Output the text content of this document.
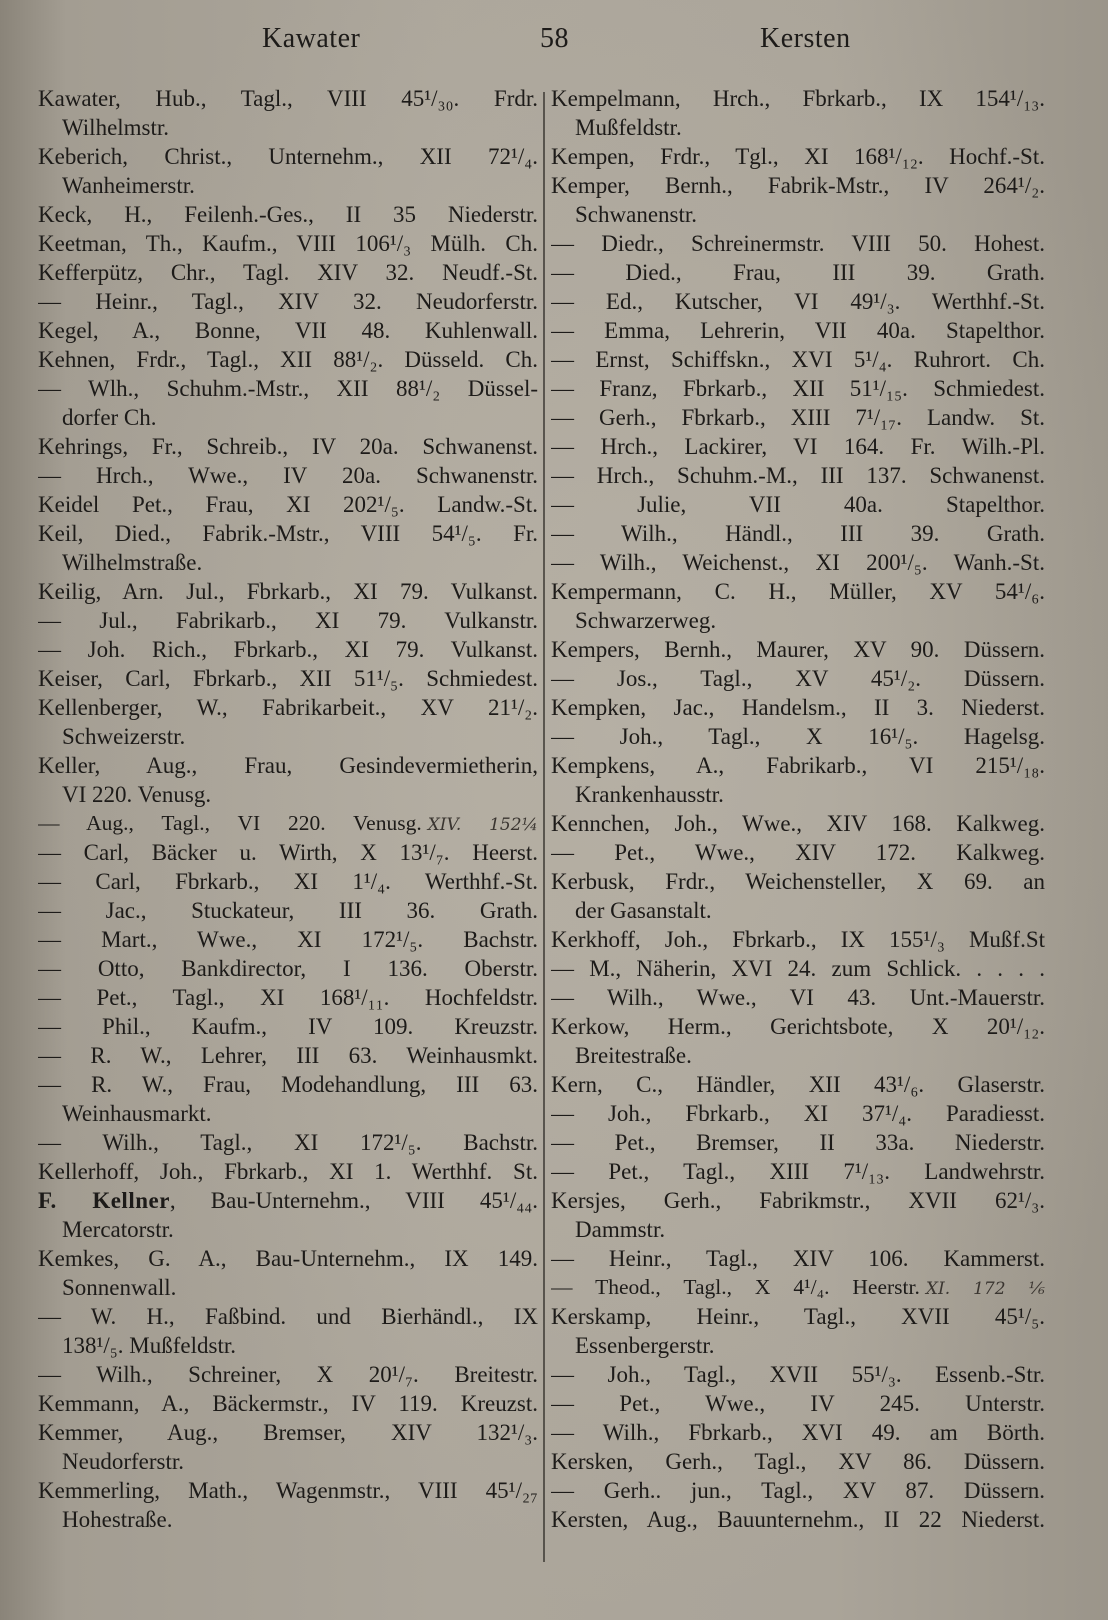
Kawater	58	Kersten
Kawater, Hub., Tagl., VIII 45¹/₃₀. Frdr.
Wilhelmstr.
Keberich, Christ., Unternehm., XII 72¹/₄.
Wanheimerstr.
Keck, H., Feilenh.-Ges., II 35 Niederstr.
Keetman, Th., Kaufm., VIII 106¹/₃ Mülh. Ch.
Kefferpütz, Chr., Tagl. XIV 32. Neudf.-St.
— Heinr., Tagl., XIV 32. Neudorferstr.
Kegel, A., Bonne, VII 48. Kuhlenwall.
Kehnen, Frdr., Tagl., XII 88¹/₂. Düsseld. Ch.
— Wlh., Schuhm.-Mstr., XII 88¹/₂ Düssel-
dorfer Ch.
Kehrings, Fr., Schreib., IV 20a. Schwanenst.
— Hrch., Wwe., IV 20a. Schwanenstr.
Keidel Pet., Frau, XI 202¹/₅. Landw.-St.
Keil, Died., Fabrik.-Mstr., VIII 54¹/₅. Fr.
Wilhelmstraße.
Keilig, Arn. Jul., Fbrkarb., XI 79. Vulkanst.
— Jul., Fabrikarb., XI 79. Vulkanstr.
— Joh. Rich., Fbrkarb., XI 79. Vulkanst.
Keiser, Carl, Fbrkarb., XII 51¹/₅. Schmiedest.
Kellenberger, W., Fabrikarbeit., XV 21¹/₂.
Schweizerstr.
Keller, Aug., Frau, Gesindevermietherin,
VI 220. Venusg.
— Aug., Tagl., VI 220. Venusg. XIV. 152¼
— Carl, Bäcker u. Wirth, X 13¹/₇. Heerst.
— Carl, Fbrkarb., XI 1¹/₄. Werthhf.-St.
— Jac., Stuckateur, III 36. Grath.
— Mart., Wwe., XI 172¹/₅. Bachstr.
— Otto, Bankdirector, I 136. Oberstr.
— Pet., Tagl., XI 168¹/₁₁. Hochfeldstr.
— Phil., Kaufm., IV 109. Kreuzstr.
— R. W., Lehrer, III 63. Weinhausmkt.
— R. W., Frau, Modehandlung, III 63.
Weinhausmarkt.
— Wilh., Tagl., XI 172¹/₅. Bachstr.
Kellerhoff, Joh., Fbrkarb., XI 1. Werthhf. St.
F. Kellner, Bau-Unternehm., VIII 45¹/₄₄.
Mercatorstr.
Kemkes, G. A., Bau-Unternehm., IX 149.
Sonnenwall.
— W. H., Faßbind. und Bierhändl., IX
138¹/₅. Mußfeldstr.
— Wilh., Schreiner, X 20¹/₇. Breitestr.
Kemmann, A., Bäckermstr., IV 119. Kreuzst.
Kemmer, Aug., Bremser, XIV 132¹/₃.
Neudorferstr.
Kemmerling, Math., Wagenmstr., VIII 45¹/₂₇
Hohestraße.
Kempelmann, Hrch., Fbrkarb., IX 154¹/₁₃.
Mußfeldstr.
Kempen, Frdr., Tgl., XI 168¹/₁₂. Hochf.-St.
Kemper, Bernh., Fabrik-Mstr., IV 264¹/₂.
Schwanenstr.
— Diedr., Schreinermstr. VIII 50. Hohest.
— Died., Frau, III 39. Grath.
— Ed., Kutscher, VI 49¹/₃. Werthhf.-St.
— Emma, Lehrerin, VII 40a. Stapelthor.
— Ernst, Schiffskn., XVI 5¹/₄. Ruhrort. Ch.
— Franz, Fbrkarb., XII 51¹/₁₅. Schmiedest.
— Gerh., Fbrkarb., XIII 7¹/₁₇. Landw. St.
— Hrch., Lackirer, VI 164. Fr. Wilh.-Pl.
— Hrch., Schuhm.-M., III 137. Schwanenst.
— Julie, VII 40a. Stapelthor.
— Wilh., Händl., III 39. Grath.
— Wilh., Weichenst., XI 200¹/₅. Wanh.-St.
Kempermann, C. H., Müller, XV 54¹/₆.
Schwarzerweg.
Kempers, Bernh., Maurer, XV 90. Düssern.
— Jos., Tagl., XV 45¹/₂. Düssern.
Kempken, Jac., Handelsm., II 3. Niederst.
— Joh., Tagl., X 16¹/₅. Hagelsg.
Kempkens, A., Fabrikarb., VI 215¹/₁₈.
Krankenhausstr.
Kennchen, Joh., Wwe., XIV 168. Kalkweg.
— Pet., Wwe., XIV 172. Kalkweg.
Kerbusk, Frdr., Weichensteller, X 69. an
der Gasanstalt.
Kerkhoff, Joh., Fbrkarb., IX 155¹/₃ Mußf.St
— M., Näherin, XVI 24. zum Schlick. . . . .
— Wilh., Wwe., VI 43. Unt.-Mauerstr.
Kerkow, Herm., Gerichtsbote, X 20¹/₁₂.
Breitestraße.
Kern, C., Händler, XII 43¹/₆. Glaserstr.
— Joh., Fbrkarb., XI 37¹/₄. Paradiesst.
— Pet., Bremser, II 33a. Niederstr.
— Pet., Tagl., XIII 7¹/₁₃. Landwehrstr.
Kersjes, Gerh., Fabrikmstr., XVII 62¹/₃.
Dammstr.
— Heinr., Tagl., XIV 106. Kammerst.
— Theod., Tagl., X 4¹/₄. Heerstr. XI. 172 ⅙
Kerskamp, Heinr., Tagl., XVII 45¹/₅.
Essenbergerstr.
— Joh., Tagl., XVII 55¹/₃. Essenb.-Str.
— Pet., Wwe., IV 245. Unterstr.
— Wilh., Fbrkarb., XVI 49. am Börth.
Kersken, Gerh., Tagl., XV 86. Düssern.
— Gerh.. jun., Tagl., XV 87. Düssern.
Kersten, Aug., Bauunternehm., II 22 Niederst.
